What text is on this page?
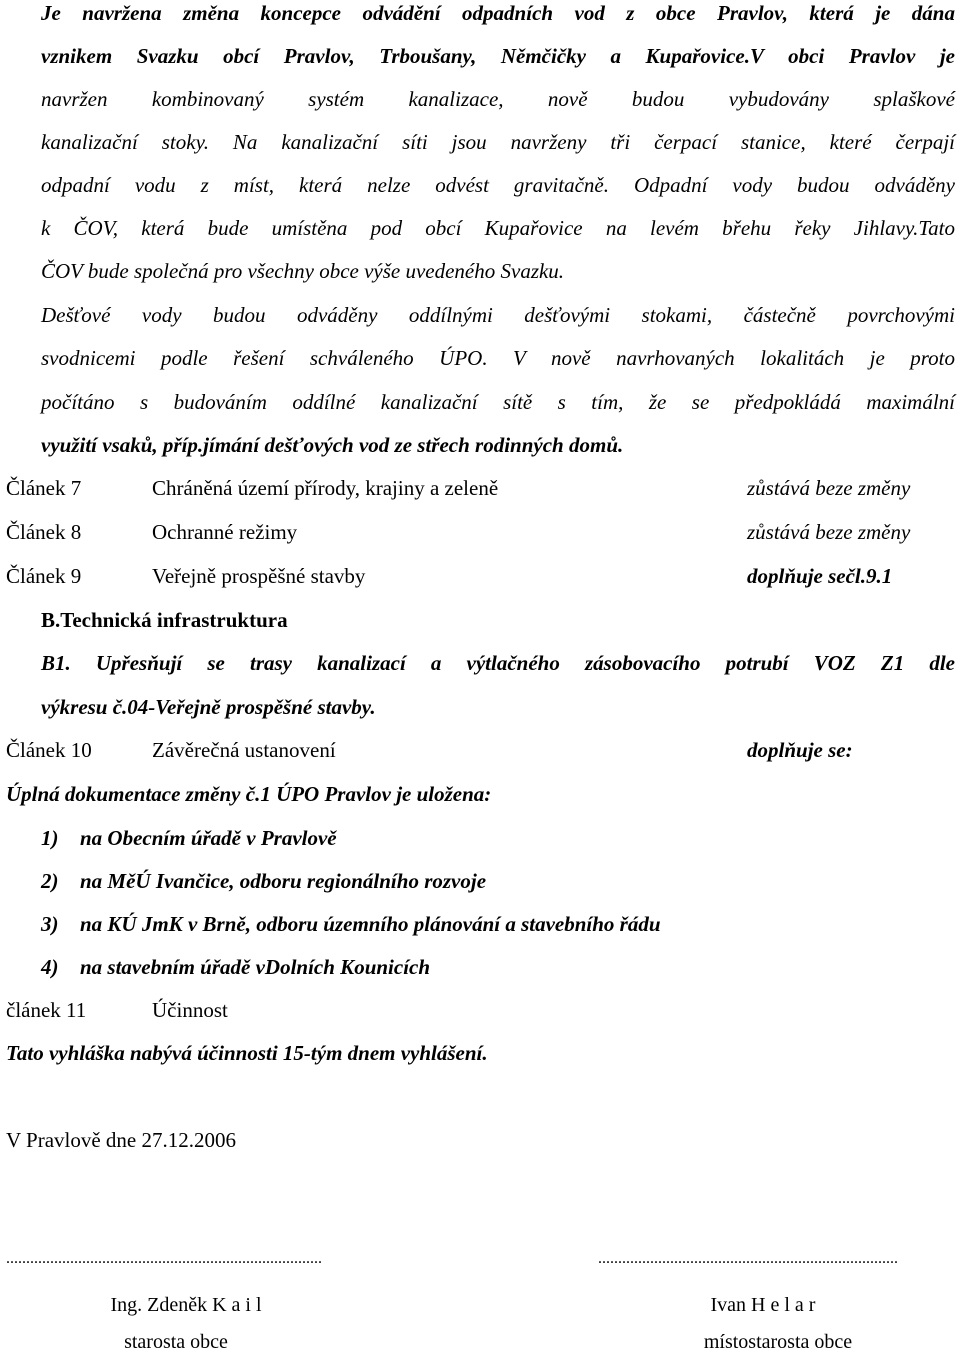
Je navržena změna koncepce odvádění odpadních vod z obce Pravlov, která je dána
vznikem Svazku obcí Pravlov, Trboušany, Němčičky a Kupařovice.V obci Pravlov je
navržen kombinovaný systém kanalizace, nově budou vybudovány splaškové
kanalizační stoky. Na kanalizační síti jsou navrženy tři čerpací stanice, které čerpají
odpadní vodu z míst, která nelze odvést gravitačně. Odpadní vody budou odváděny
k ČOV, která bude umístěna pod obcí Kupařovice na levém břehu řeky Jihlavy.Tato
ČOV bude společná pro všechny obce výše uvedeného Svazku.
Dešťové vody budou odváděny oddílnými dešťovými stokami, částečně povrchovými
svodnicemi podle řešení schváleného ÚPO. V nově navrhovaných lokalitách je proto
počítáno s budováním oddílné kanalizační sítě s tím, že se předpokládá maximální
využití vsaků, příp.jímání dešťových vod ze střech rodinných domů.
Článek 7	Chráněná území přírody, krajiny a zeleně	zůstává beze změny
Článek 8	Ochranné režimy	zůstává beze změny
Článek 9	Veřejně prospěšné stavby	doplňuje sečl.9.1
B.Technická infrastruktura
B1. Upřesňují se trasy kanalizací a výtlačného zásobovacího potrubí VOZ Z1 dle
výkresu č.04-Veřejně prospěšné stavby.
Článek 10	Závěrečná ustanovení	doplňuje se:
Úplná dokumentace změny č.1 ÚPO Pravlov je uložena:
1) na Obecním úřadě v Pravlově
2) na MěÚ Ivančice, odboru regionálního rozvoje
3) na KÚ JmK v Brně, odboru územního plánování a stavebního řádu
4) na stavebním úřadě vDolních Kounicích
článek 11	Účinnost
Tato vyhláška nabývá účinnosti 15-tým dnem vyhlášení.
V Pravlově dne 27.12.2006
...............................................................................	...........................................................................
Ing. Zdeněk K a i l
starosta obce
Ivan H e l a r
místostarosta obce
